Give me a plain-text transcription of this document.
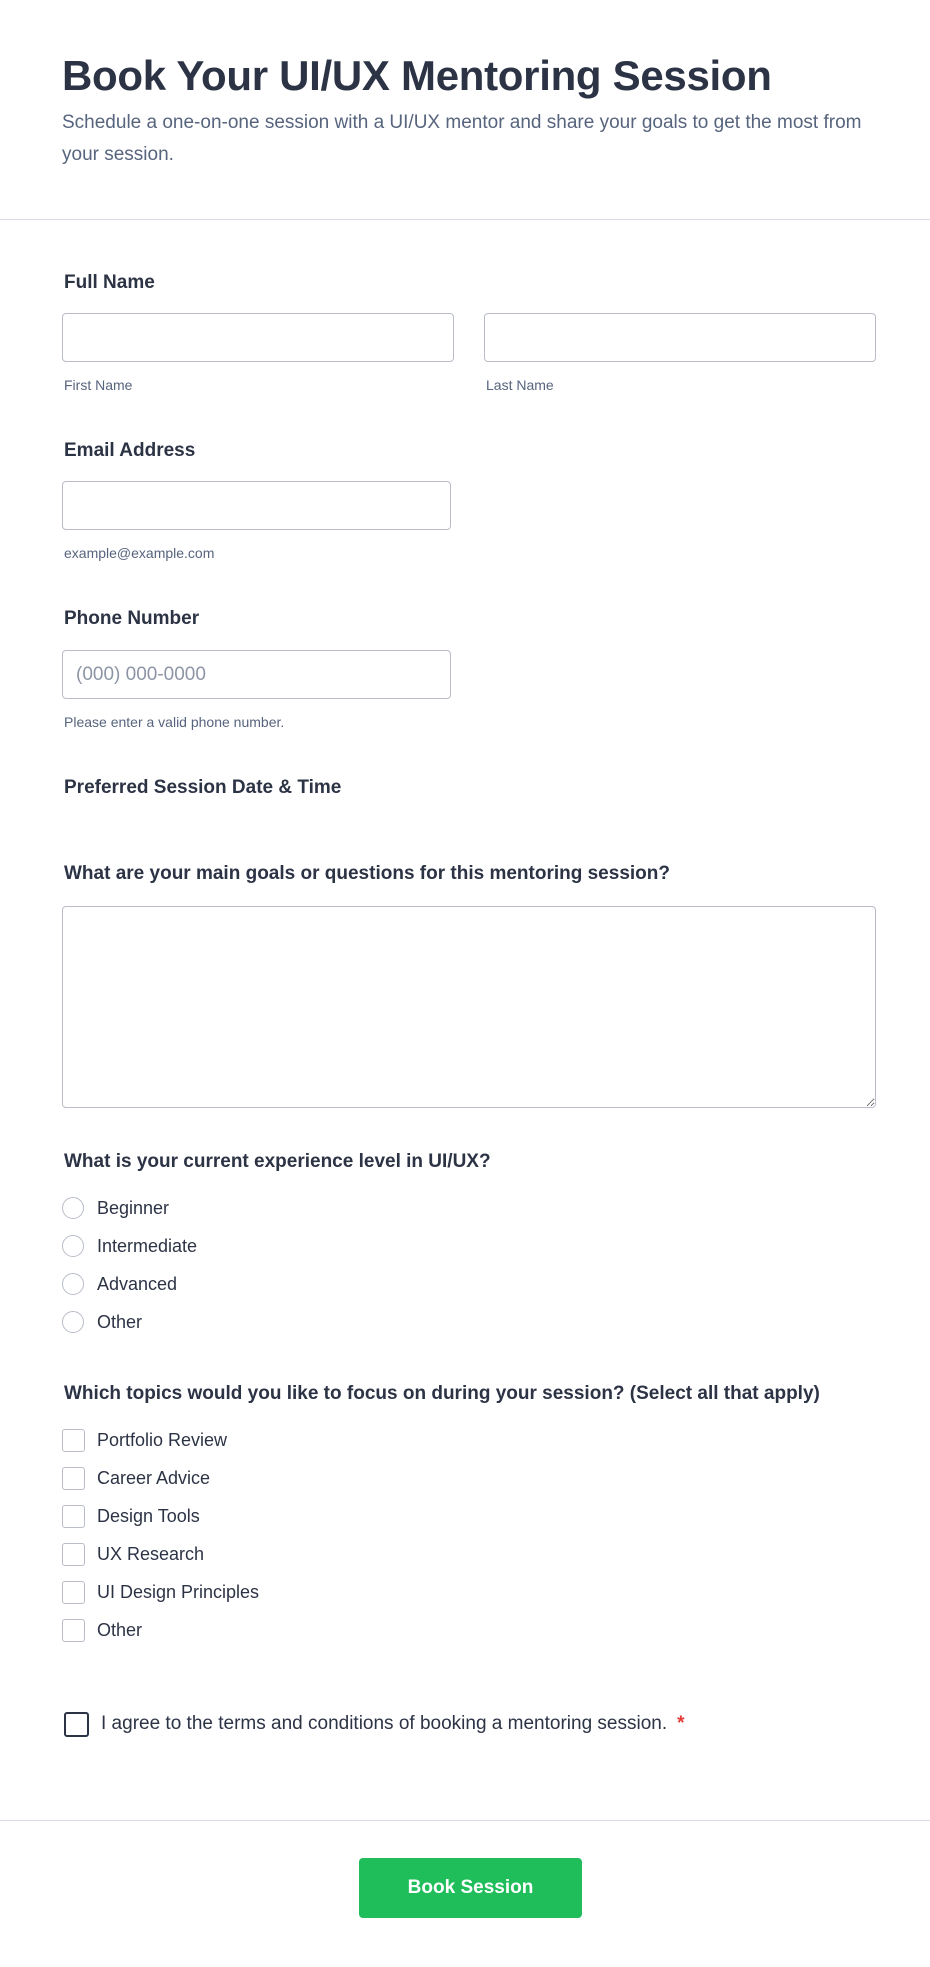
Book Your UI/UX Mentoring Session
Schedule a one-on-one session with a UI/UX mentor and share your goals to get the most from your session.
Full Name
First Name	Last Name
Email Address
example@example.com
Phone Number
(000) 000-0000
Please enter a valid phone number.
Preferred Session Date & Time
What are your main goals or questions for this mentoring session?
What is your current experience level in UI/UX?
Beginner
Intermediate
Advanced
Other
Which topics would you like to focus on during your session? (Select all that apply)
Portfolio Review
Career Advice
Design Tools
UX Research
UI Design Principles
Other
I agree to the terms and conditions of booking a mentoring session. *
Book Session
